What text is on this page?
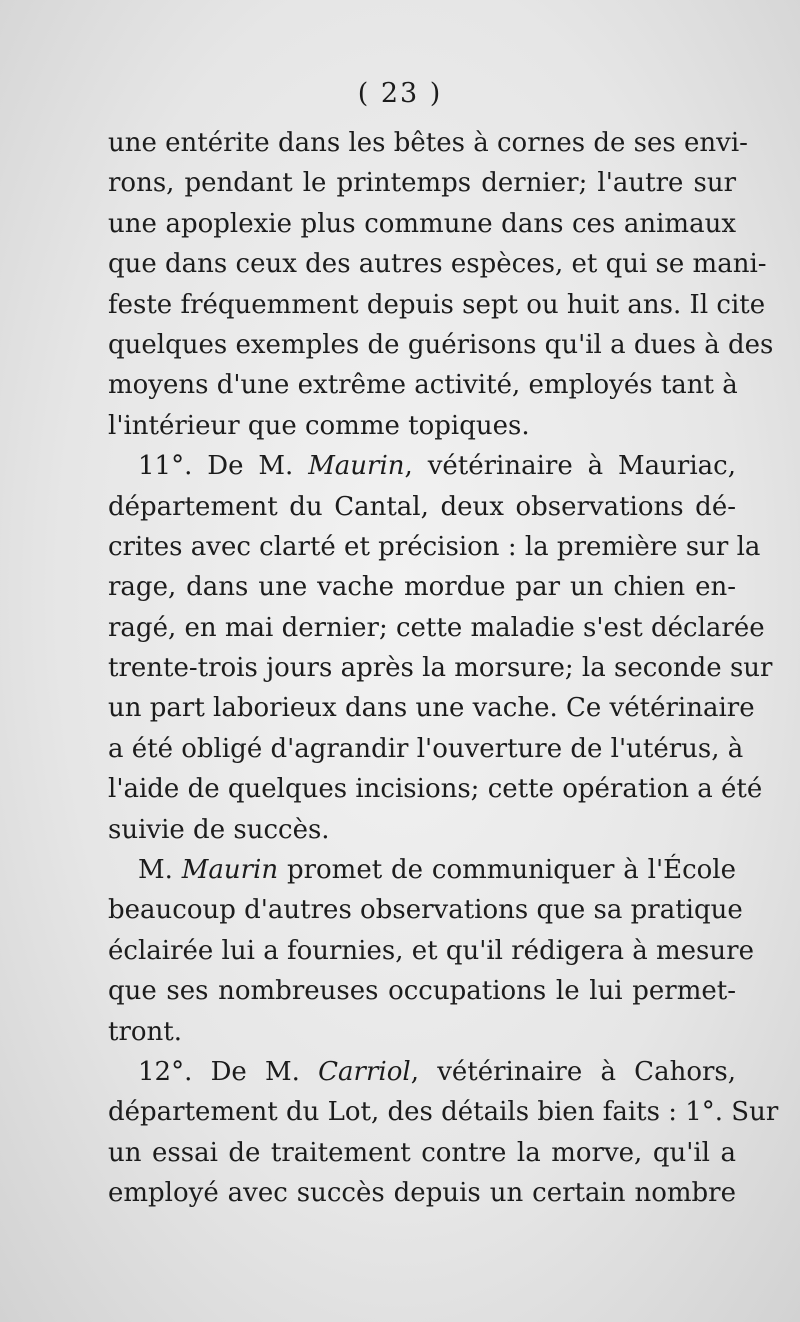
( 23 )
une entérite dans les bêtes à cornes de ses envi-
rons, pendant le printemps dernier; l'autre sur
une apoplexie plus commune dans ces animaux
que dans ceux des autres espèces, et qui se mani-
feste fréquemment depuis sept ou huit ans. Il cite
quelques exemples de guérisons qu'il a dues à des
moyens d'une extrême activité, employés tant à
l'intérieur que comme topiques.
11°. De M. Maurin, vétérinaire à Mauriac,
département du Cantal, deux observations dé-
crites avec clarté et précision : la première sur la
rage, dans une vache mordue par un chien en-
ragé, en mai dernier; cette maladie s'est déclarée
trente-trois jours après la morsure; la seconde sur
un part laborieux dans une vache. Ce vétérinaire
a été obligé d'agrandir l'ouverture de l'utérus, à
l'aide de quelques incisions; cette opération a été
suivie de succès.
M. Maurin promet de communiquer à l'École
beaucoup d'autres observations que sa pratique
éclairée lui a fournies, et qu'il rédigera à mesure
que ses nombreuses occupations le lui permet-
tront.
12°. De M. Carriol, vétérinaire à Cahors,
département du Lot, des détails bien faits : 1°. Sur
un essai de traitement contre la morve, qu'il a
employé avec succès depuis un certain nombre
